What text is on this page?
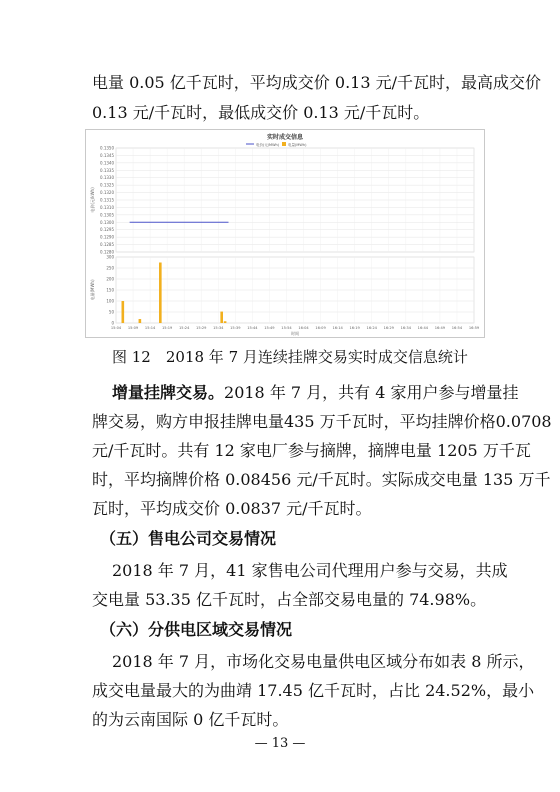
电量 0.05 亿千瓦时，平均成交价 0.13 元/千瓦时，最高成交价
0.13 元/千瓦时，最低成交价 0.13 元/千瓦时。
实时成交信息
电价(元/MWh)	电量(MWh)
0.1350
0.1345
0.1340
0.1335
0.1330
0.1325
0.1320
0.1315
0.1310
0.1305
0.1300
0.1295
0.1290
0.1285
0.1280
电价(元/kWh)
300
250
200
150
100
50
0
电量(MWh)
15:04 15:09 15:14 15:19 15:24 15:29 15:34 15:39 15:44 15:49 15:54 16:04 16:09 16:14 16:19 16:24 16:29 16:34 16:44 16:49 16:54 16:59
时间
图 12　2018 年 7 月连续挂牌交易实时成交信息统计
增量挂牌交易。2018 年 7 月，共有 4 家用户参与增量挂
牌交易，购方申报挂牌电量435 万千瓦时，平均挂牌价格0.0708
元/千瓦时。共有 12 家电厂参与摘牌，摘牌电量 1205 万千瓦
时，平均摘牌价格 0.08456 元/千瓦时。实际成交电量 135 万千
瓦时，平均成交价 0.0837 元/千瓦时。
（五）售电公司交易情况
2018 年 7 月，41 家售电公司代理用户参与交易，共成
交电量 53.35 亿千瓦时，占全部交易电量的 74.98%。
（六）分供电区域交易情况
2018 年 7 月，市场化交易电量供电区域分布如表 8 所示，
成交电量最大的为曲靖 17.45 亿千瓦时，占比 24.52%，最小
的为云南国际 0 亿千瓦时。
— 13 —
